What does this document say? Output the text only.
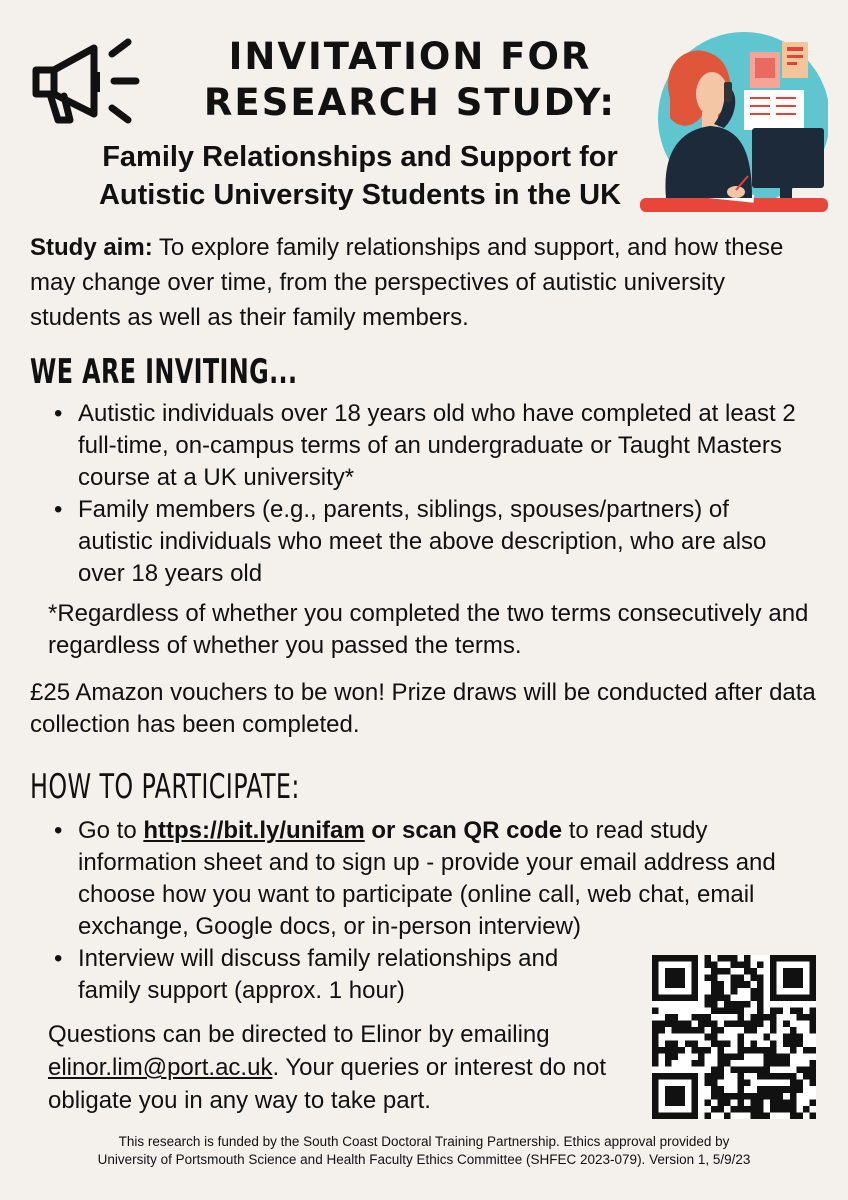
INVITATION FOR
RESEARCH STUDY:
Family Relationships and Support for
Autistic University Students in the UK

Study aim: To explore family relationships and support, and how these may change over time, from the perspectives of autistic university students as well as their family members.

WE ARE INVITING...
• Autistic individuals over 18 years old who have completed at least 2 full-time, on-campus terms of an undergraduate or Taught Masters course at a UK university*
• Family members (e.g., parents, siblings, spouses/partners) of autistic individuals who meet the above description, who are also over 18 years old

*Regardless of whether you completed the two terms consecutively and regardless of whether you passed the terms.

£25 Amazon vouchers to be won! Prize draws will be conducted after data collection has been completed.

HOW TO PARTICIPATE:
• Go to https://bit.ly/unifam or scan QR code to read study information sheet and to sign up - provide your email address and choose how you want to participate (online call, web chat, email exchange, Google docs, or in-person interview)
• Interview will discuss family relationships and family support (approx. 1 hour)

Questions can be directed to Elinor by emailing elinor.lim@port.ac.uk. Your queries or interest do not obligate you in any way to take part.

This research is funded by the South Coast Doctoral Training Partnership. Ethics approval provided by
University of Portsmouth Science and Health Faculty Ethics Committee (SHFEC 2023-079). Version 1, 5/9/23
